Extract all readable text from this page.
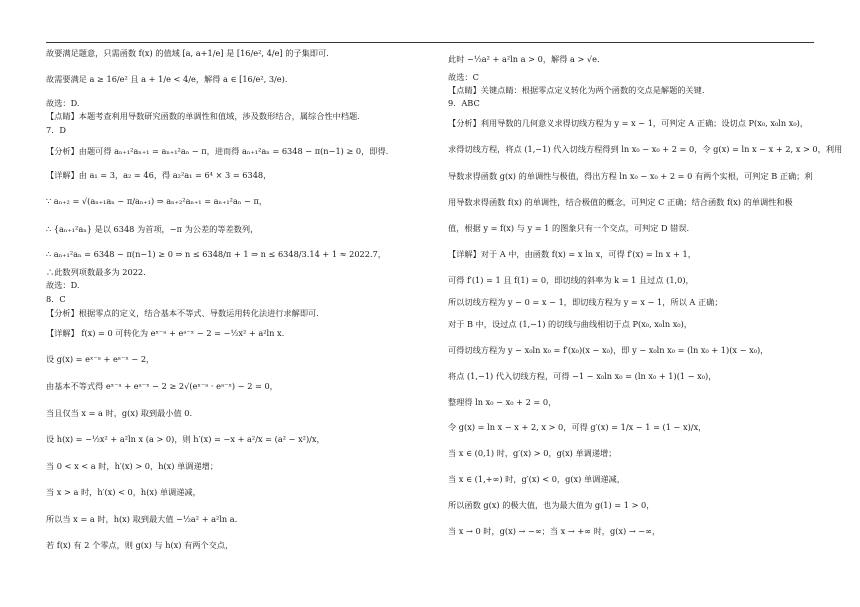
故要满足题意，只需函数 f(x) 的值域 [a, a+1/e] 是 [16/e², 4/e] 的子集即可.
故需要满足 a ≥ 16/e² 且 a + 1/e < 4/e，解得 a ∈ [16/e², 3/e).
故选：D.
【点睛】本题考查利用导数研究函数的单调性和值域，涉及数形结合，属综合性中档题.
7．D
【分析】由题可得 aₙ₊₁²aₙ₊₁ = aₙ₊₁²aₙ − π，进而得 aₙ₊₁²aₙ = 6348 − π(n−1) ≥ 0，即得.
【详解】由 a₁ = 3，a₂ = 46，得 a₂²a₁ = 6⁴ × 3 = 6348，
∵ aₙ₊₂ = √(aₙ₊₁aₙ − π/aₙ₊₁) ⇒ aₙ₊₂²aₙ₊₁ = aₙ₊₁²aₙ − π，
∴ {aₙ₊₁²aₙ} 是以 6348 为首项，−π 为公差的等差数列，
∴ aₙ₊₁²aₙ = 6348 − π(n−1) ≥ 0 ⇒ n ≤ 6348/π + 1 ⇒ n ≤ 6348/3.14 + 1 ≈ 2022.7，
∴此数列项数最多为 2022.
故选：D.
8．C
【分析】根据零点的定义，结合基本不等式、导数运用转化法进行求解即可.
【详解】 f(x) = 0 可转化为 eˣ⁻ᵃ + eᵃ⁻ˣ − 2 = −½x² + a²ln x.
设 g(x) = eˣ⁻ᵃ + eᵃ⁻ˣ − 2，
由基本不等式得 eˣ⁻ᵃ + eᵃ⁻ˣ − 2 ≥ 2√(eˣ⁻ᵃ · eᵃ⁻ˣ) − 2 = 0，
当且仅当 x = a 时，g(x) 取到最小值 0.
设 h(x) = −½x² + a²ln x (a > 0)，则 h′(x) = −x + a²/x = (a² − x²)/x，
当 0 < x < a 时，h′(x) > 0，h(x) 单调递增；
当 x > a 时，h′(x) < 0，h(x) 单调递减，
所以当 x = a 时，h(x) 取到最大值 −½a² + a²ln a.
若 f(x) 有 2 个零点，则 g(x) 与 h(x) 有两个交点，
此时 −½a² + a²ln a > 0，解得 a > √e.
故选：C
【点睛】关键点睛：根据零点定义转化为两个函数的交点是解题的关键.
9．ABC
【分析】利用导数的几何意义求得切线方程为 y = x − 1，可判定 A 正确；设切点 P(x₀, x₀ln x₀)，
求得切线方程，将点 (1,−1) 代入切线方程得到 ln x₀ − x₀ + 2 = 0，令 g(x) = ln x − x + 2, x > 0，利用
导数求得函数 g(x) 的单调性与极值，得出方程 ln x₀ − x₀ + 2 = 0 有两个实根，可判定 B 正确；利
用导数求得函数 f(x) 的单调性，结合极值的概念，可判定 C 正确；结合函数 f(x) 的单调性和极
值，根据 y = f(x) 与 y = 1 的图象只有一个交点，可判定 D 错误.
【详解】对于 A 中，由函数 f(x) = x ln x，可得 f′(x) = ln x + 1，
可得 f′(1) = 1 且 f(1) = 0，即切线的斜率为 k = 1 且过点 (1,0)，
所以切线方程为 y − 0 = x − 1，即切线方程为 y = x − 1，所以 A 正确；
对于 B 中，设过点 (1,−1) 的切线与曲线相切于点 P(x₀, x₀ln x₀)，
可得切线方程为 y − x₀ln x₀ = f′(x₀)(x − x₀)，即 y − x₀ln x₀ = (ln x₀ + 1)(x − x₀)，
将点 (1,−1) 代入切线方程，可得 −1 − x₀ln x₀ = (ln x₀ + 1)(1 − x₀)，
整理得 ln x₀ − x₀ + 2 = 0，
令 g(x) = ln x − x + 2, x > 0，可得 g′(x) = 1/x − 1 = (1 − x)/x，
当 x ∈ (0,1) 时，g′(x) > 0，g(x) 单调递增；
当 x ∈ (1,+∞) 时，g′(x) < 0，g(x) 单调递减，
所以函数 g(x) 的极大值，也为最大值为 g(1) = 1 > 0，
当 x → 0 时，g(x) → −∞；当 x → +∞ 时，g(x) → −∞，
